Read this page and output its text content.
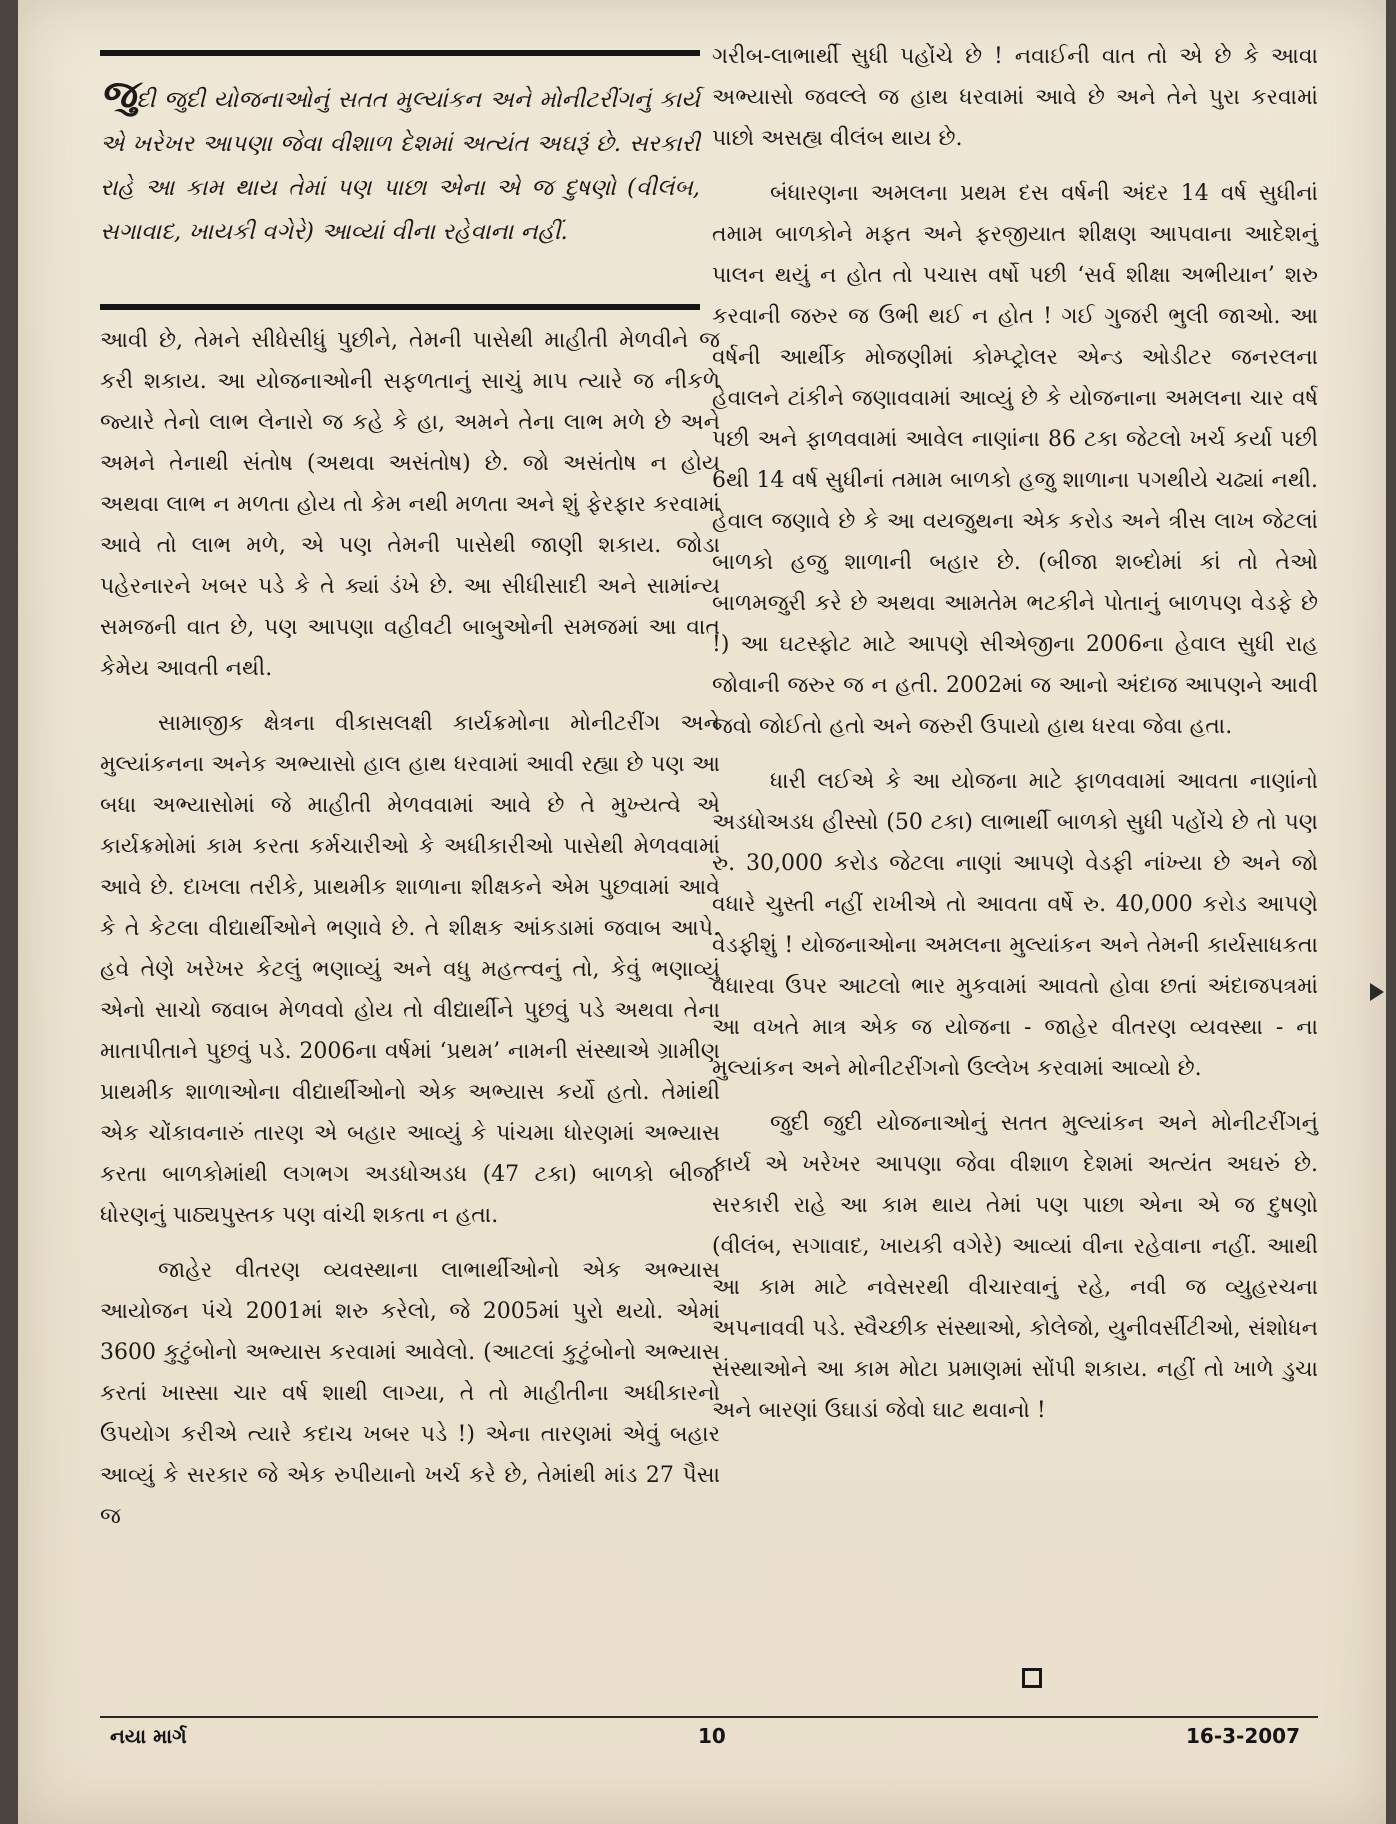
જુદી જુદી યોજનાઓનું સતત મુલ્યાંકન અને મોનીટરીંગનું કાર્ય એ ખરેખર આપણા જેવા વીશાળ દેશમાં અત્યંત અઘરૂં છે. સરકારી રાહે આ કામ થાય તેમાં પણ પાછા એના એ જ દુષણો (વીલંબ, સગાવાદ, ખાયકી વગેરે) આવ્યાં વીના રહેવાના નહીં.

આવી છે, તેમને સીધેસીધું પુછીને, તેમની પાસેથી માહીતી મેળવીને જ કરી શકાય. આ યોજનાઓની સફળતાનું સાચું માપ ત્યારે જ નીકળે જ્યારે તેનો લાભ લેનારો જ કહે કે હા, અમને તેના લાભ મળે છે અને અમને તેનાથી સંતોષ (અથવા અસંતોષ) છે. જો અસંતોષ ન હોય અથવા લાભ ન મળતા હોય તો કેમ નથી મળતા અને શું ફેરફાર કરવામાં આવે તો લાભ મળે, એ પણ તેમની પાસેથી જાણી શકાય. જોડા પહેરનારને ખબર પડે કે તે ક્યાં ડંખે છે. આ સીધીસાદી અને સામાંન્ય સમજની વાત છે, પણ આપણા વહીવટી બાબુઓની સમજમાં આ વાત કેમેય આવતી નથી.

સામાજીક ક્ષેત્રના વીકાસલક્ષી કાર્યક્રમોના મોનીટરીંગ અને મુલ્યાંકનના અનેક અભ્યાસો હાલ હાથ ધરવામાં આવી રહ્યા છે પણ આ બધા અભ્યાસોમાં જે માહીતી મેળવવામાં આવે છે તે મુખ્યત્વે એ કાર્યક્રમોમાં કામ કરતા કર્મચારીઓ કે અધીકારીઓ પાસેથી મેળવવામાં આવે છે. દાખલા તરીકે, પ્રાથમીક શાળાના શીક્ષકને એમ પુછવામાં આવે કે તે કેટલા વીદ્યાર્થીઓને ભણાવે છે. તે શીક્ષક આંકડામાં જવાબ આપે. હવે તેણે ખરેખર કેટલું ભણાવ્યું અને વધુ મહત્ત્વનું તો, કેવું ભણાવ્યું એનો સાચો જવાબ મેળવવો હોય તો વીદ્યાર્થીને પુછવું પડે અથવા તેના માતાપીતાને પુછવું પડે. 2006ના વર્ષમાં ‘પ્રથમ’ નામની સંસ્થાએ ગ્રામીણ પ્રાથમીક શાળાઓના વીદ્યાર્થીઓનો એક અભ્યાસ કર્યો હતો. તેમાંથી એક ચોંકાવનારું તારણ એ બહાર આવ્યું કે પાંચમા ધોરણમાં અભ્યાસ કરતા બાળકોમાંથી લગભગ અડધોઅડધ (47 ટકા) બાળકો બીજા ધોરણનું પાઠ્યપુસ્તક પણ વાંચી શકતા ન હતા.

જાહેર વીતરણ વ્યવસ્થાના લાભાર્થીઓનો એક અભ્યાસ આયોજન પંચે 2001માં શરુ કરેલો, જે 2005માં પુરો થયો. એમાં 3600 કુટુંબોનો અભ્યાસ કરવામાં આવેલો. (આટલાં કુટુંબોનો અભ્યાસ કરતાં ખાસ્સા ચાર વર્ષ શાથી લાગ્યા, તે તો માહીતીના અધીકારનો ઉપયોગ કરીએ ત્યારે કદાચ ખબર પડે !) એના તારણમાં એવું બહાર આવ્યું કે સરકાર જે એક રુપીયાનો ખર્ચ કરે છે, તેમાંથી માંડ 27 પૈસા જ

ગરીબ-લાભાર્થી સુધી પહોંચે છે ! નવાઈની વાત તો એ છે કે આવા અભ્યાસો જવલ્લે જ હાથ ધરવામાં આવે છે અને તેને પુરા કરવામાં પાછો અસહ્ય વીલંબ થાય છે.

બંધારણના અમલના પ્રથમ દસ વર્ષની અંદર 14 વર્ષ સુધીનાં તમામ બાળકોને મફત અને ફરજીયાત શીક્ષણ આપવાના આદેશનું પાલન થયું ન હોત તો પચાસ વર્ષો પછી ‘સર્વ શીક્ષા અભીયાન’ શરુ કરવાની જરુર જ ઉભી થઈ ન હોત ! ગઈ ગુજરી ભુલી જાઓ. આ વર્ષની આર્થીક મોજણીમાં કોમ્પ્ટ્રોલર એન્ડ ઓડીટર જનરલના હેવાલને ટાંકીને જણાવવામાં આવ્યું છે કે યોજનાના અમલના ચાર વર્ષ પછી અને ફાળવવામાં આવેલ નાણાંના 86 ટકા જેટલો ખર્ચ કર્યા પછી 6થી 14 વર્ષ સુધીનાં તમામ બાળકો હજુ શાળાના પગથીયે ચઢ્યાં નથી. હેવાલ જણાવે છે કે આ વયજુથના એક કરોડ અને ત્રીસ લાખ જેટલાં બાળકો હજુ શાળાની બહાર છે. (બીજા શબ્દોમાં કાં તો તેઓ બાળમજુરી કરે છે અથવા આમતેમ ભટકીને પોતાનું બાળપણ વેડફે છે !) આ ઘટસ્ફોટ માટે આપણે સીએજીના 2006ના હેવાલ સુધી રાહ જોવાની જરુર જ ન હતી. 2002માં જ આનો અંદાજ આપણને આવી જવો જોઈતો હતો અને જરુરી ઉપાયો હાથ ધરવા જેવા હતા.

ધારી લઈએ કે આ યોજના માટે ફાળવવામાં આવતા નાણાંનો અડધોઅડધ હીસ્સો (50 ટકા) લાભાર્થી બાળકો સુધી પહોંચે છે તો પણ રુ. 30,000 કરોડ જેટલા નાણાં આપણે વેડફી નાંખ્યા છે અને જો વધારે ચુસ્તી નહીં રાખીએ તો આવતા વર્ષે રુ. 40,000 કરોડ આપણે વેડફીશું ! યોજનાઓના અમલના મુલ્યાંકન અને તેમની કાર્યસાધકતા વધારવા ઉપર આટલો ભાર મુકવામાં આવતો હોવા છતાં અંદાજપત્રમાં આ વખતે માત્ર એક જ યોજના - જાહેર વીતરણ વ્યવસ્થા - ના મુલ્યાંકન અને મોનીટરીંગનો ઉલ્લેખ કરવામાં આવ્યો છે.

જુદી જુદી યોજનાઓનું સતત મુલ્યાંકન અને મોનીટરીંગનું કાર્ય એ ખરેખર આપણા જેવા વીશાળ દેશમાં અત્યંત અઘરું છે. સરકારી રાહે આ કામ થાય તેમાં પણ પાછા એના એ જ દુષણો (વીલંબ, સગાવાદ, ખાયકી વગેરે) આવ્યાં વીના રહેવાના નહીં. આથી આ કામ માટે નવેસરથી વીચારવાનું રહે, નવી જ વ્યુહરચના અપનાવવી પડે. સ્વૈચ્છીક સંસ્થાઓ, કોલેજો, યુનીવર્સીટીઓ, સંશોધન સંસ્થાઓને આ કામ મોટા પ્રમાણમાં સોંપી શકાય. નહીં તો ખાળે ડુચા અને બારણાં ઉઘાડાં જેવો ઘાટ થવાનો !

નયા માર્ગ	10	16-3-2007
